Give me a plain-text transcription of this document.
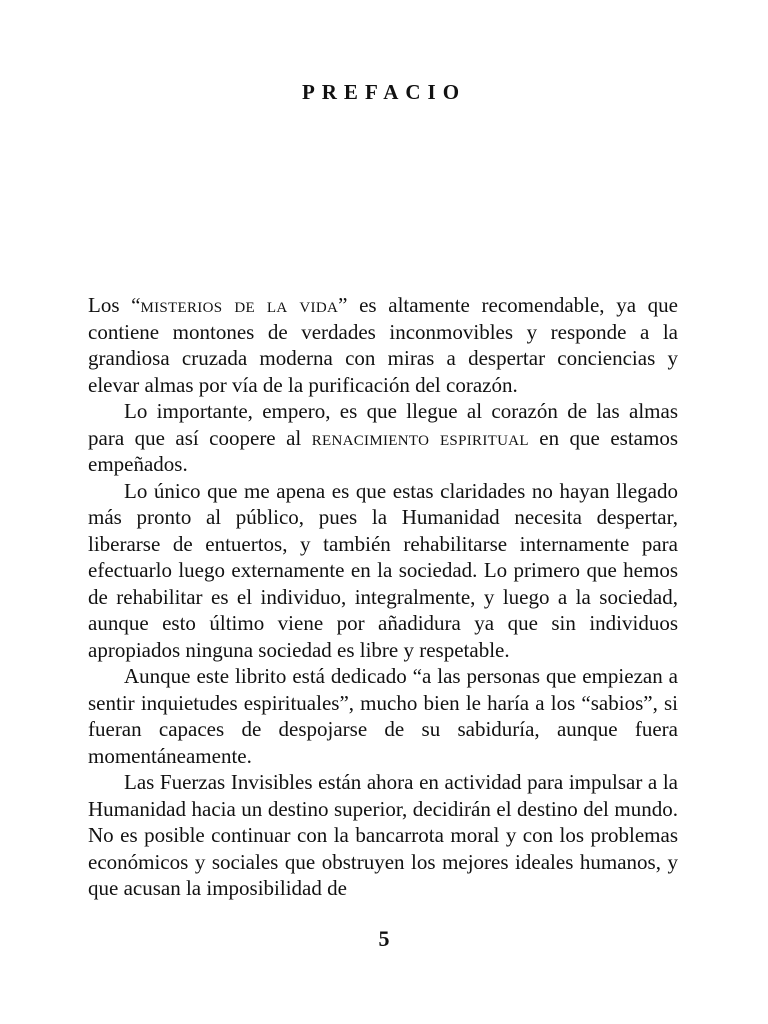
PREFACIO

Los “misterios de la vida” es altamente recomendable, ya que contiene montones de verdades inconmovibles y responde a la grandiosa cruzada moderna con miras a despertar conciencias y elevar almas por vía de la purificación del corazón.

Lo importante, empero, es que llegue al corazón de las almas para que así coopere al renacimiento espiritual en que estamos empeñados.

Lo único que me apena es que estas claridades no hayan llegado más pronto al público, pues la Humanidad necesita despertar, liberarse de entuertos, y también rehabilitarse internamente para efectuarlo luego externamente en la sociedad. Lo primero que hemos de rehabilitar es el individuo, integralmente, y luego a la sociedad, aunque esto último viene por añadidura ya que sin individuos apropiados ninguna sociedad es libre y respetable.

Aunque este librito está dedicado “a las personas que empiezan a sentir inquietudes espirituales”, mucho bien le haría a los “sabios”, si fueran capaces de despojarse de su sabiduría, aunque fuera momentáneamente.

Las Fuerzas Invisibles están ahora en actividad para impulsar a la Humanidad hacia un destino superior, decidirán el destino del mundo. No es posible continuar con la bancarrota moral y con los problemas económicos y sociales que obstruyen los mejores ideales humanos, y que acusan la imposibilidad de

5
